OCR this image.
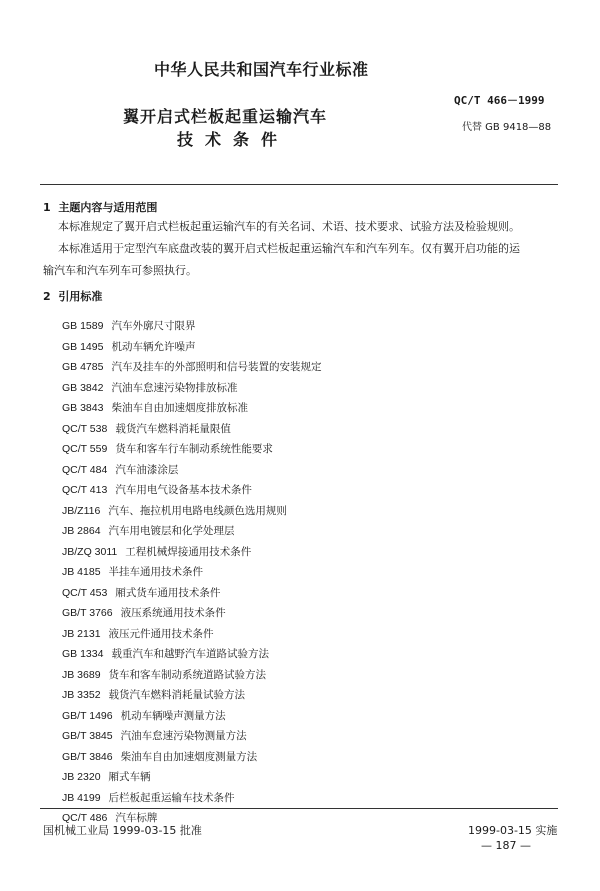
中华人民共和国汽车行业标准
翼开启式栏板起重运输汽车
技术条件
QC/T 466－1999
代替 GB 9418—88
1 主题内容与适用范围
本标准规定了翼开启式栏板起重运输汽车的有关名词、术语、技术要求、试验方法及检验规则。
本标准适用于定型汽车底盘改装的翼开启式栏板起重运输汽车和汽车列车。仅有翼开启功能的运
输汽车和汽车列车可参照执行。
2 引用标准
GB 1589 汽车外廓尺寸限界
GB 1495 机动车辆允许噪声
GB 4785 汽车及挂车的外部照明和信号装置的安装规定
GB 3842 汽油车怠速污染物排放标准
GB 3843 柴油车自由加速烟度排放标准
QC/T 538 载货汽车燃料消耗量限值
QC/T 559 货车和客车行车制动系统性能要求
QC/T 484 汽车油漆涂层
QC/T 413 汽车用电气设备基本技术条件
JB/Z116 汽车、拖拉机用电路电线颜色选用规则
JB 2864 汽车用电镀层和化学处理层
JB/ZQ 3011 工程机械焊接通用技术条件
JB 4185 半挂车通用技术条件
QC/T 453 厢式货车通用技术条件
GB/T 3766 液压系统通用技术条件
JB 2131 液压元件通用技术条件
GB 1334 载重汽车和越野汽车道路试验方法
JB 3689 货车和客车制动系统道路试验方法
JB 3352 载货汽车燃料消耗量试验方法
GB/T 1496 机动车辆噪声测量方法
GB/T 3845 汽油车怠速污染物测量方法
GB/T 3846 柴油车自由加速烟度测量方法
JB 2320 厢式车辆
JB 4199 后栏板起重运输车技术条件
QC/T 486 汽车标牌
国机械工业局 1999-03-15 批准	1999-03-15 实施
— 187 —
